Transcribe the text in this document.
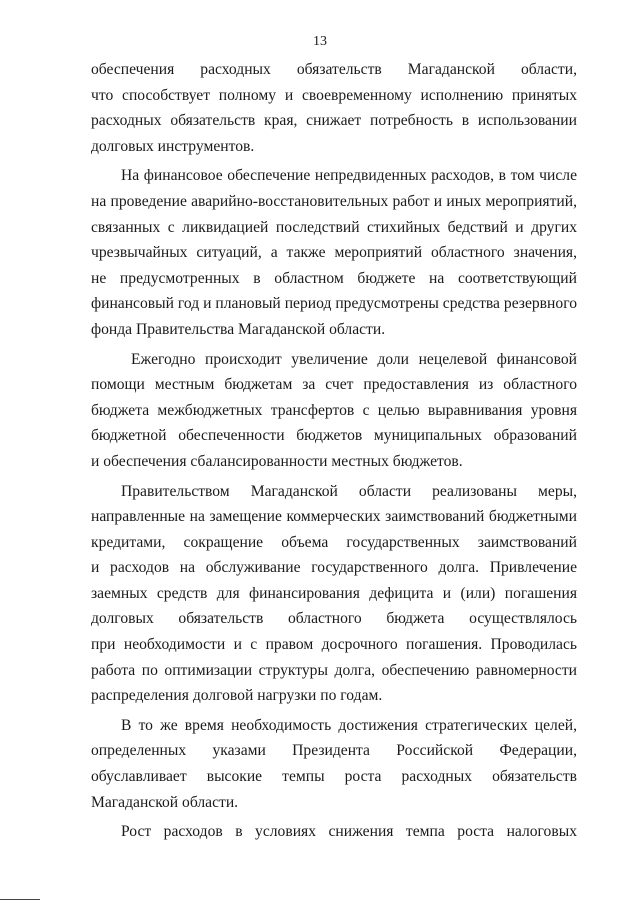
13
обеспечения расходных обязательств Магаданской области,
что способствует полному и своевременному исполнению принятых
расходных обязательств края, снижает потребность в использовании
долговых инструментов.
На финансовое обеспечение непредвиденных расходов, в том числе
на проведение аварийно-восстановительных работ и иных мероприятий,
связанных с ликвидацией последствий стихийных бедствий и других
чрезвычайных ситуаций, а также мероприятий областного значения,
не предусмотренных в областном бюджете на соответствующий
финансовый год и плановый период предусмотрены средства резервного
фонда Правительства Магаданской области.
Ежегодно происходит увеличение доли нецелевой финансовой
помощи местным бюджетам за счет предоставления из областного
бюджета межбюджетных трансфертов с целью выравнивания уровня
бюджетной обеспеченности бюджетов муниципальных образований
и обеспечения сбалансированности местных бюджетов.
Правительством Магаданской области реализованы меры,
направленные на замещение коммерческих заимствований бюджетными
кредитами, сокращение объема государственных заимствований
и расходов на обслуживание государственного долга. Привлечение
заемных средств для финансирования дефицита и (или) погашения
долговых обязательств областного бюджета осуществлялось
при необходимости и с правом досрочного погашения. Проводилась
работа по оптимизации структуры долга, обеспечению равномерности
распределения долговой нагрузки по годам.
В то же время необходимость достижения стратегических целей,
определенных указами Президента Российской Федерации,
обуславливает высокие темпы роста расходных обязательств
Магаданской области.
Рост расходов в условиях снижения темпа роста налоговых
